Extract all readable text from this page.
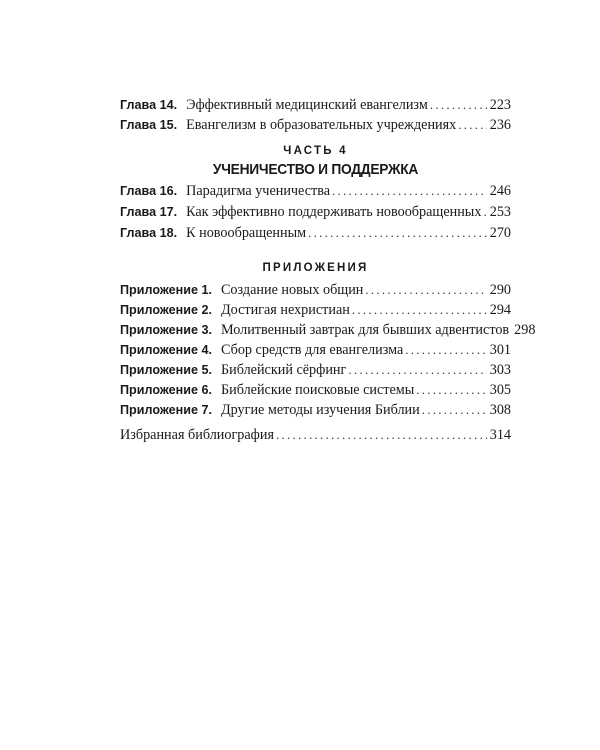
Глава 14. Эффективный медицинский евангелизм . . .	223
Глава 15. Евангелизм в образовательных учреждениях . . . 236
ЧАСТЬ 4
УЧЕНИЧЕСТВО И ПОДДЕРЖКА
Глава 16. Парадигма ученичества . . .	246
Глава 17. Как эффективно поддерживать новообращенных . . . 253
Глава 18. К новообращенным . . .	270
ПРИЛОЖЕНИЯ
Приложение 1. Создание новых общин . . .	290
Приложение 2. Достигая нехристиан . . .	294
Приложение 3. Молитвенный завтрак для бывших адвентистов 298
Приложение 4. Сбор средств для евангелизма . . .	301
Приложение 5. Библейский сёрфинг . . .	303
Приложение 6. Библейские поисковые системы . . .	305
Приложение 7. Другие методы изучения Библии . . .	308
Избранная библиография . . .	314
